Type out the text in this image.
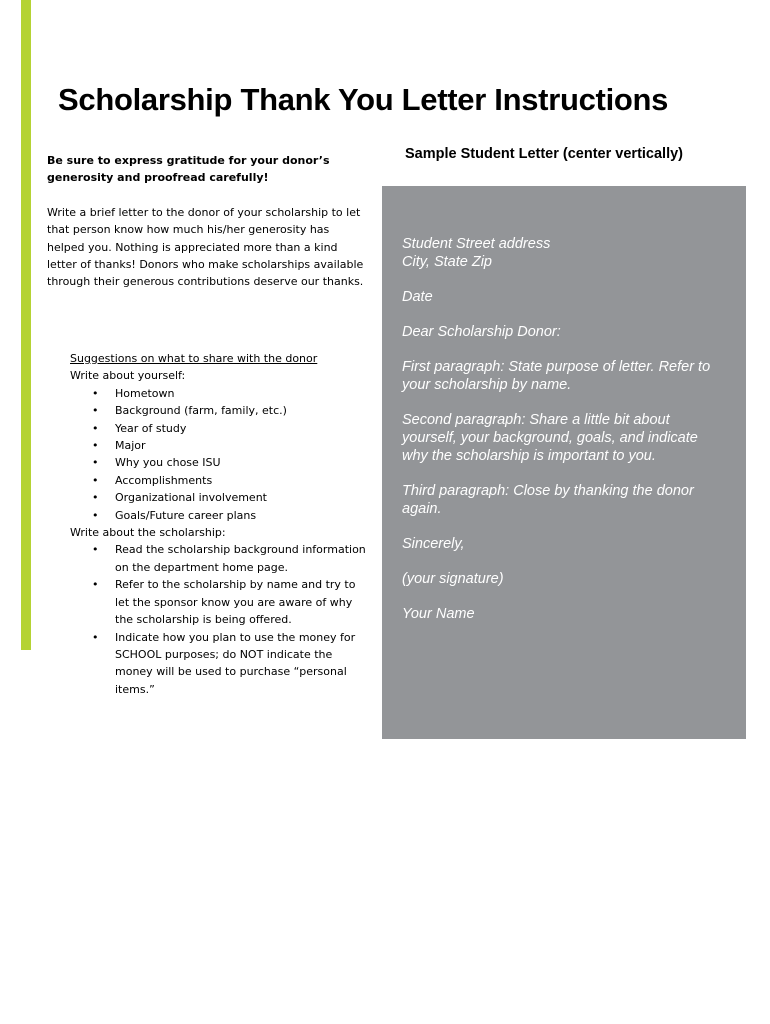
Scholarship Thank You Letter Instructions

Be sure to express gratitude for your donor’s generosity and proofread carefully!

Write a brief letter to the donor of your scholarship to let that person know how much his/her generosity has helped you. Nothing is appreciated more than a kind letter of thanks! Donors who make scholarships available through their generous contributions deserve our thanks.

Suggestions on what to share with the donor
Write about yourself:
• Hometown
• Background (farm, family, etc.)
• Year of study
• Major
• Why you chose ISU
• Accomplishments
• Organizational involvement
• Goals/Future career plans
Write about the scholarship:
• Read the scholarship background information on the department home page.
• Refer to the scholarship by name and try to let the sponsor know you are aware of why the scholarship is being offered.
• Indicate how you plan to use the money for SCHOOL purposes; do NOT indicate the money will be used to purchase “personal items.”

Sample Student Letter (center vertically)

Student Street address
City, State Zip

Date

Dear Scholarship Donor:

First paragraph: State purpose of letter. Refer to your scholarship by name.

Second paragraph: Share a little bit about yourself, your background, goals, and indicate why the scholarship is important to you.

Third paragraph: Close by thanking the donor again.

Sincerely,

(your signature)

Your Name
